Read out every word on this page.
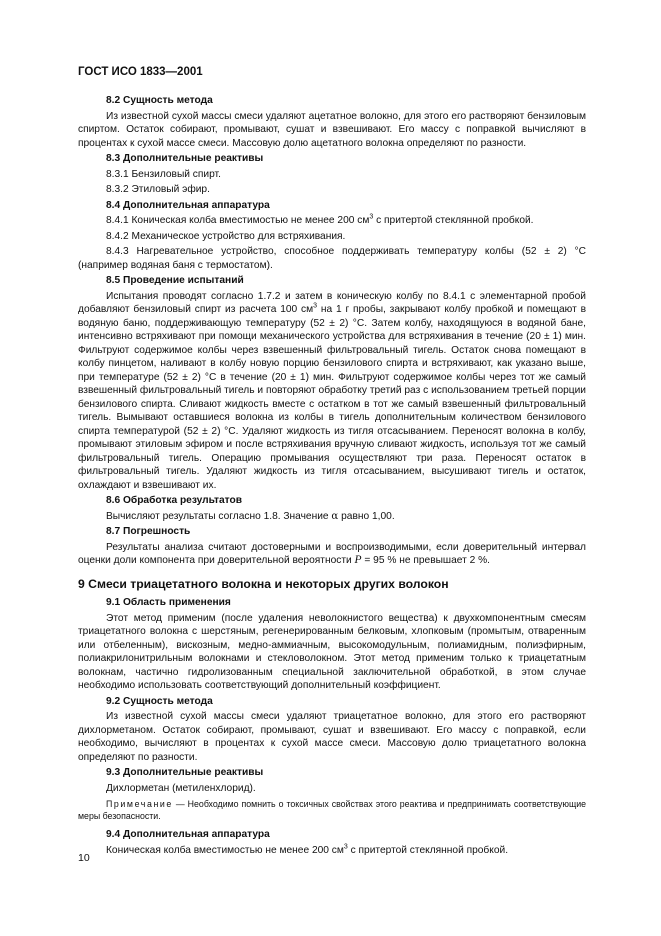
ГОСТ ИСО 1833—2001
8.2 Сущность метода
Из известной сухой массы смеси удаляют ацетатное волокно, для этого его растворяют бензиловым спиртом. Остаток собирают, промывают, сушат и взвешивают. Его массу с поправкой вычисляют в процентах к сухой массе смеси. Массовую долю ацетатного волокна определяют по разности.
8.3 Дополнительные реактивы
8.3.1 Бензиловый спирт.
8.3.2 Этиловый эфир.
8.4 Дополнительная аппаратура
8.4.1 Коническая колба вместимостью не менее 200 $см^3$ с притертой стеклянной пробкой.
8.4.2 Механическое устройство для встряхивания.
8.4.3 Нагревательное устройство, способное поддерживать температуру колбы (52 ± 2) °С (например водяная баня с термостатом).
8.5 Проведение испытаний
Испытания проводят согласно 1.7.2 и затем в коническую колбу по 8.4.1 с элементарной пробой добавляют бензиловый спирт из расчета 100 $см^3$ на 1 г пробы, закрывают колбу пробкой и помещают в водяную баню, поддерживающую температуру (52 ± 2) °С. Затем колбу, находящуюся в водяной бане, интенсивно встряхивают при помощи механического устройства для встряхивания в течение (20 ± 1) мин. Фильтруют содержимое колбы через взвешенный фильтровальный тигель. Остаток снова помещают в колбу пинцетом, наливают в колбу новую порцию бензилового спирта и встряхивают, как указано выше, при температуре (52 ± 2) °С в течение (20 ± 1) мин. Фильтруют содержимое колбы через тот же самый взвешенный фильтровальный тигель и повторяют обработку третий раз с использованием третьей порции бензилового спирта. Сливают жидкость вместе с остатком в тот же самый взвешенный фильтровальный тигель. Вымывают оставшиеся волокна из колбы в тигель дополнительным количеством бензилового спирта температурой (52 ± 2) °С. Удаляют жидкость из тигля отсасыванием. Переносят волокна в колбу, промывают этиловым эфиром и после встряхивания вручную сливают жидкость, используя тот же самый фильтровальный тигель. Операцию промывания осуществляют три раза. Переносят остаток в фильтровальный тигель. Удаляют жидкость из тигля отсасыванием, высушивают тигель и остаток, охлаждают и взвешивают их.
8.6 Обработка результатов
Вычисляют результаты согласно 1.8. Значение α равно 1,00.
8.7 Погрешность
Результаты анализа считают достоверными и воспроизводимыми, если доверительный интервал оценки доли компонента при доверительной вероятности P = 95 % не превышает 2 %.
9 Смеси триацетатного волокна и некоторых других волокон
9.1 Область применения
Этот метод применим (после удаления неволокнистого вещества) к двухкомпонентным смесям триацетатного волокна с шерстяным, регенерированным белковым, хлопковым (промытым, отваренным или отбеленным), вискозным, медно-аммиачным, высокомодульным, полиамидным, полиэфирным, полиакрилонитрильным волокнами и стекловолокном. Этот метод применим только к триацетатным волокнам, частично гидролизованным специальной заключительной обработкой, в этом случае необходимо использовать соответствующий дополнительный коэффициент.
9.2 Сущность метода
Из известной сухой массы смеси удаляют триацетатное волокно, для этого его растворяют дихлорметаном. Остаток собирают, промывают, сушат и взвешивают. Его массу с поправкой, если необходимо, вычисляют в процентах к сухой массе смеси. Массовую долю триацетатного волокна определяют по разности.
9.3 Дополнительные реактивы
Дихлорметан (метиленхлорид).
Примечание — Необходимо помнить о токсичных свойствах этого реактива и предпринимать соответствующие меры безопасности.
9.4 Дополнительная аппаратура
Коническая колба вместимостью не менее 200 $см^3$ с притертой стеклянной пробкой.
10
